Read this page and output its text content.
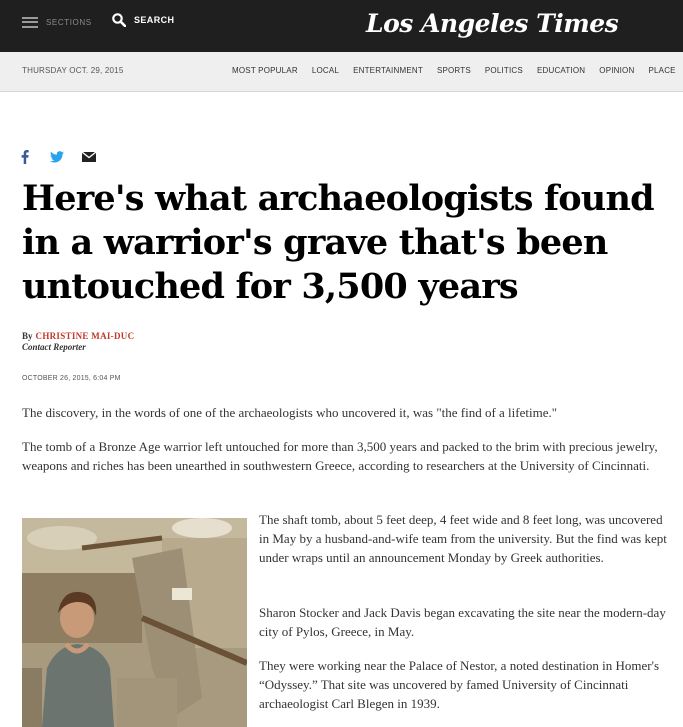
SECTIONS	SEARCH	Los Angeles Times
THURSDAY OCT. 29, 2015	MOST POPULAR LOCAL ENTERTAINMENT SPORTS POLITICS EDUCATION OPINION PLACE
Here's what archaeologists found in a warrior's grave that's been untouched for 3,500 years
By CHRISTINE MAI-DUC
Contact Reporter
OCTOBER 26, 2015, 6:04 PM

The discovery, in the words of one of the archaeologists who uncovered it, was "the find of a lifetime."

The tomb of a Bronze Age warrior left untouched for more than 3,500 years and packed to the brim with precious jewelry, weapons and riches has been unearthed in southwestern Greece, according to researchers at the University of Cincinnati.

The shaft tomb, about 5 feet deep, 4 feet wide and 8 feet long, was uncovered in May by a husband-and-wife team from the university. But the find was kept under wraps until an announcement Monday by Greek authorities.

Sharon Stocker and Jack Davis began excavating the site near the modern-day city of Pylos, Greece, in May.

They were working near the Palace of Nestor, a noted destination in Homer's “Odyssey.” That site was uncovered by famed University of Cincinnati archaeologist Carl Blegen in 1939.
